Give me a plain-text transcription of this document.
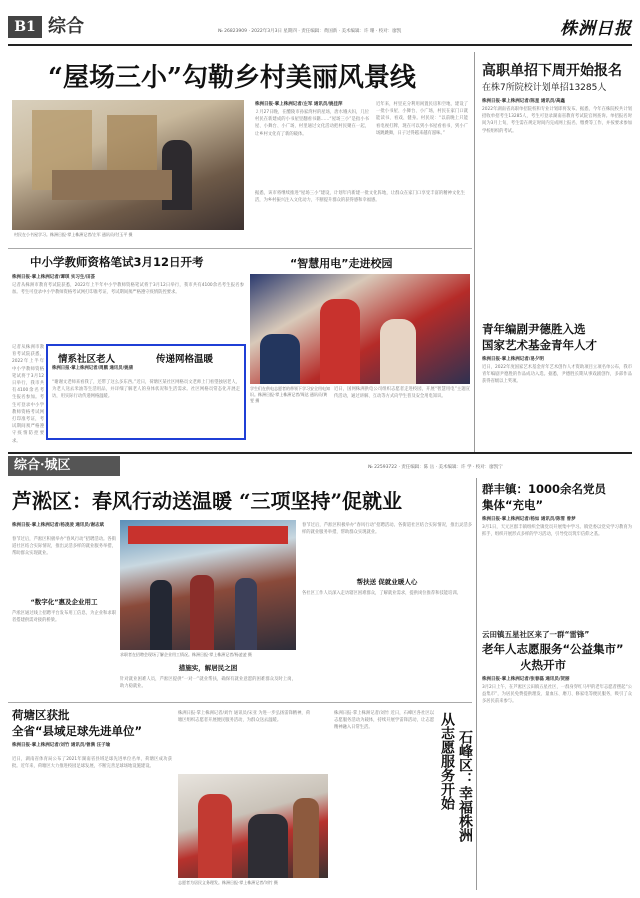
B1 综合	№ 26823909 · 2022年3月3日 星期四 · 责任编辑：黄国新 · 美术编辑：许 珊 · 校对：廖凯	株洲日报
“屋场三小”勾勒乡村美丽风景线
村民在小书屋学习。株洲日报·掌上株洲记者/左军 通讯员/付玉平 摄
株洲日报·掌上株洲记者/左军 通讯员/姚佳萍
２月27日晚，在醴陵市孙家湾村的屋场，唐水娥夫妇，几位村民在新建成的小书屋里翻看书籍……“屋场三小”是指小书屋、小舞台、小广场，村里通过文化活动把村民聚在一起，让乡村文化有了新的载体。
近年来，村里充分利用闲置民房和空地，建设了一批小书屋、小舞台、小广场，村民在家门口就能读书、看戏、健身。村民说：“以前晚上只能看电视打牌，现在可以到小书屋看看书，到小广场跳跳舞，日子过得越来越有滋味。”
据悉，该市将继续推进“屋场三小”建设，计划年内新建一批文化阵地，让群众在家门口享受丰富的精神文化生活，为乡村振兴注入文化动力，不断提升群众的获得感和幸福感。
高职单招下周开始报名
在株7所院校计划单招13285人
株洲日报·掌上株洲记者/陈星 通讯员/高鑫
2022年湖南省高职单招院校和专业计划即将发布。据悉，今年在株院校共计划招收单招考生13285人，考生可登录湖南省教育考试院官网查询。单招报名时间为3月上旬，考生需在规定时间内完成网上报名、缴费等工作，并按要求参加学校组织的考试。
中小学教师资格笔试3月12日开考
株洲日报·掌上株洲记者/谭琪 实习生/田荟
记者从株洲市教育考试院获悉，2022年上半年中小学教师资格笔试将于3月12日举行，我市共有4100余名考生报名参加。考生可登录中小学教师资格考试网打印准考证，考试期间须严格遵守疫情防控要求。
“智慧用电”走进校园
学生们在供电志愿者的带领下学习安全用电知识。株洲日报·掌上株洲记者/周达 通讯员/黄雯 摄
近日，国网株洲供电公司组织志愿者走进校园，开展“智慧用电”主题宣传活动，通过讲解、互动等方式向学生普及安全用电知识。
情系社区老人	传递网格温暖
株洲日报·掌上株洲记者/周鹏 通讯员/姚倩
“谢谢文老师来看我了，还带了这么多东西。”近日，荷塘区某社区网格员文老师上门看望独居老人，为老人送去米油等生活用品，并详细了解老人的身体状况和生活需求。社区网格员常态化开展走访，用实际行动传递网格温暖。
记者从株洲市教育考试院获悉，2022年上半年中小学教师资格笔试将于3月12日举行，我市共有4100余名考生报名参加。考生可登录中小学教师资格考试网打印准考证，考试期间须严格遵守疫情防控要求。
青年编剧尹德胜入选
国家艺术基金青年人才
株洲日报·掌上株洲记者/易夕明
近日，2022年度国家艺术基金青年艺术创作人才资助项目立项名单公布，我市青年编剧尹德胜的作品成功入选。据悉，尹德胜长期从事戏剧创作，多部作品获得省级以上奖项。
综合·城区	№ 22593722 · 责任编辑：陈 岳 · 美术编辑：许 学 · 校对：廖凯宁
芦淞区：春风行动送温暖 “三项坚持”促就业
株洲日报·掌上株洲记者/杨凌凌 通讯员/谢志斌
春节过后，芦淞区积极举办“春风行动”招聘活动。各街道社区结合实际情况，推出灵活多样的就业服务举措，帮助群众实现就业。
“数字化”惠及企业用工
芦淞区通过线上招聘平台发布用工信息，为企业和求职者搭建供需对接的桥梁。
求职者在招聘会现场了解企业用工情况。株洲日报·掌上株洲记者/杨凌凌 摄
春节过后，芦淞区积极举办“春风行动”招聘活动。各街道社区结合实际情况，推出灵活多样的就业服务举措，帮助群众实现就业。
帮扶送 促就业暖人心
各社区工作人员深入走访辖区困难群众，了解就业需求，提供岗位推荐和技能培训。
措施实，解居民之困
针对就业困难人员，芦淞区提供“一对一”就业帮扶，确保有就业意愿的困难群众及时上岗，助力稳就业。
群丰镇：1000余名党员
集体“充电”
株洲日报·掌上株洲记者/杨如 通讯员/陈雪 曾梦
3月1日，天元区群丰镇组织全镇党员开展集中学习。镇党委以党史学习教育为抓手，组织开展形式多样的学习活动，引导党员筑牢信仰之基。
云田镇五星社区来了一群“雷锋”
老年人志愿服务“公益集市”
火热开市
株洲日报·掌上株洲记者/张春磊 通讯员/贺丽
3月2日上午，在芦淞区云田镇五星社区，一群身穿红马甲的老年志愿者摆起“公益集市”，为居民免费提供理发、量血压、磨刀、修家电等便民服务，吸引了众多居民前来参与。
荷塘区获批
全省“县域足球先进单位”
株洲日报·掌上株洲记者/刘竹 通讯员/曾满 汪子瑜
近日，湖南省体育局公布了2021年湖南省县域足球先进单位名单，荷塘区成功获批。近年来，荷塘区大力推进校园足球发展，不断完善足球场地设施建设。
株洲日报·掌上株洲记者/刘竹 通讯员/宋亚 为进一步弘扬雷锋精神，荷塘区组织志愿者开展便民服务活动，为群众送去温暖。
志愿者为居民义务理发。株洲日报·掌上株洲记者/刘竹 摄
株洲日报·掌上株洲记者/刘竹 近日，石峰区各社区以志愿服务活动为载体，持续开展学雷锋活动，让志愿精神融入日常生活。	从志愿服务开始 石峰区：幸福株洲
